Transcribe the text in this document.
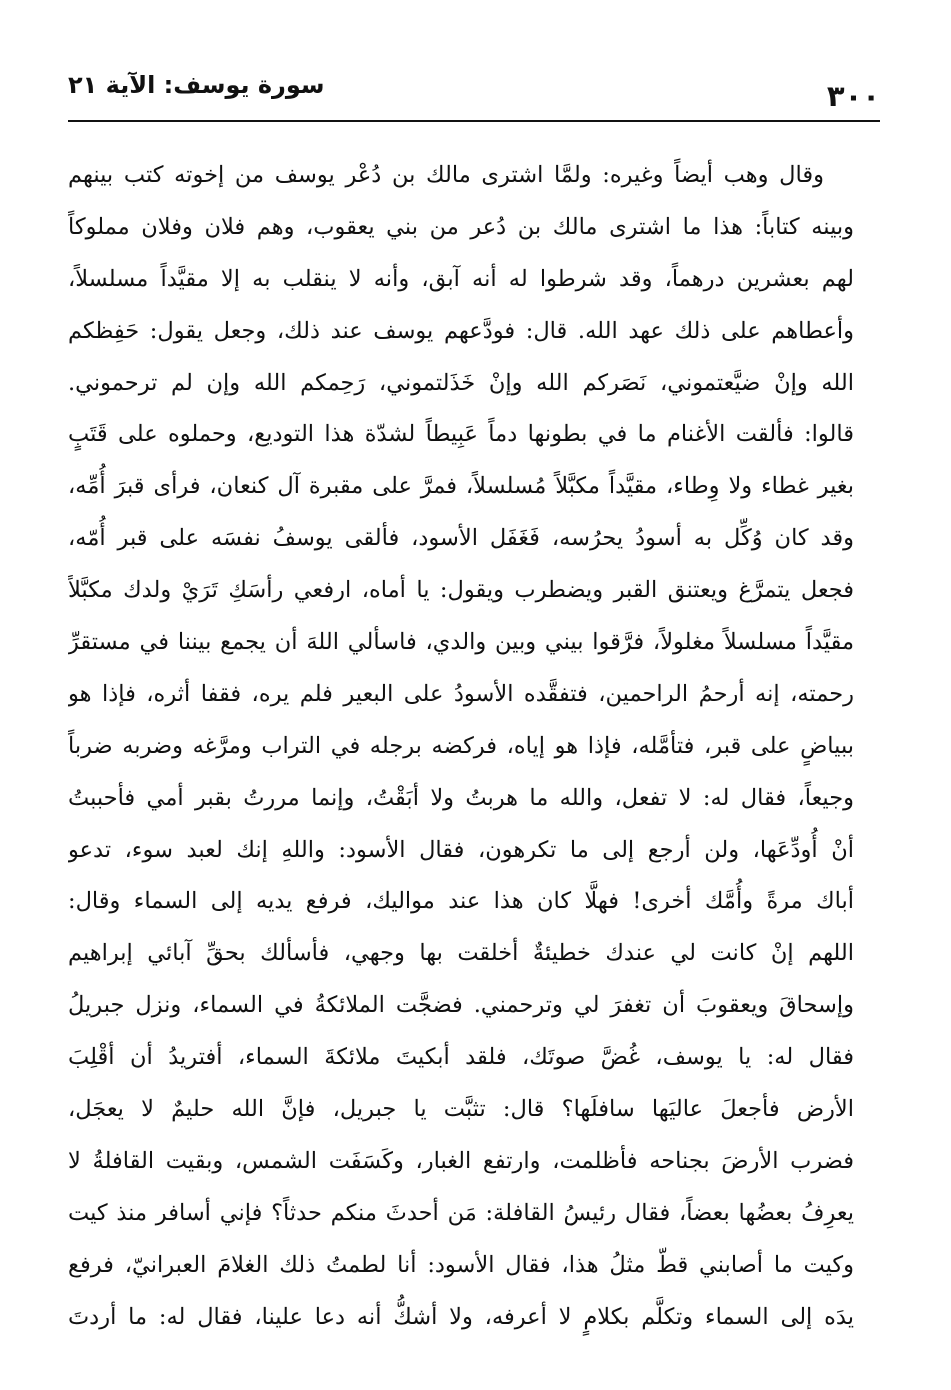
٣٠٠
سورة يوسف: الآية ٢١
وقال وهب أيضاً وغيره: ولمَّا اشترى مالك بن دُعْر يوسف من إخوته كتب بينهم
وبينه كتاباً: هذا ما اشترى مالك بن دُعر من بني يعقوب، وهم فلان وفلان مملوكاً
لهم بعشرين درهماً، وقد شرطوا له أنه آبق، وأنه لا ينقلب به إلا مقيَّداً مسلسلاً،
وأعطاهم على ذلك عهد الله. قال: فودَّعهم يوسف عند ذلك، وجعل يقول: حَفِظكم
الله وإنْ ضيَّعتموني، نَصَركم الله وإنْ خَذَلتموني، رَحِمكم الله وإن لم ترحموني.
قالوا: فألقت الأغنام ما في بطونها دماً عَبِيطاً لشدّة هذا التوديع، وحملوه على قَتَبٍ
بغير غطاء ولا وِطاء، مقيَّداً مكبَّلاً مُسلسلاً، فمرَّ على مقبرة آل كنعان، فرأى قبرَ أُمِّه،
وقد كان وُكِّل به أسودُ يحرُسه، فَغَفَل الأسود، فألقى يوسفُ نفسَه على قبر أُمّه،
فجعل يتمرَّغ ويعتنق القبر ويضطرب ويقول: يا أماه، ارفعي رأسَكِ تَرَيْ ولدك مكبَّلاً
مقيَّداً مسلسلاً مغلولاً، فرَّقوا بيني وبين والدي، فاسألي اللهَ أن يجمع بيننا في مستقرِّ
رحمته، إنه أرحمُ الراحمين، فتفقَّده الأسودُ على البعير فلم يره، فقفا أثره، فإذا هو
ببياضٍ على قبر، فتأمَّله، فإذا هو إياه، فركضه برجله في التراب ومرَّغه وضربه ضرباً
وجيعاً، فقال له: لا تفعل، والله ما هربتُ ولا أبَقْتُ، وإنما مررتُ بقبر أمي فأحببتُ
أنْ أُودِّعَها، ولن أرجع إلى ما تكرهون، فقال الأسود: واللهِ إنك لعبد سوء، تدعو
أباك مرةً وأُمَّك أخرى! فهلَّا كان هذا عند مواليك، فرفع يديه إلى السماء وقال:
اللهم إنْ كانت لي عندك خطيئةٌ أخلقت بها وجهي، فأسألك بحقِّ آبائي إبراهيم
وإسحاقَ ويعقوبَ أن تغفرَ لي وترحمني. فضجَّت الملائكةُ في السماء، ونزل جبريلُ
فقال له: يا يوسف، غُضَّ صوتَك، فلقد أبكيتَ ملائكةَ السماء، أفتريدُ أن أقْلِبَ
الأرض فأجعلَ عاليَها سافلَها؟ قال: تثبَّت يا جبريل، فإنَّ الله حليمٌ لا يعجَل،
فضرب الأرضَ بجناحه فأظلمت، وارتفع الغبار، وكَسَفَت الشمس، وبقيت القافلةُ لا
يعرِفُ بعضُها بعضاً، فقال رئيسُ القافلة: مَن أحدثَ منكم حدثاً؟ فإني أسافر منذ كيت
وكيت ما أصابني قطّ مثلُ هذا، فقال الأسود: أنا لطمتُ ذلك الغلامَ العبرانيّ، فرفع
يدَه إلى السماء وتكلَّم بكلامٍ لا أعرفه، ولا أشكُّ أنه دعا علينا، فقال له: ما أردتَ
